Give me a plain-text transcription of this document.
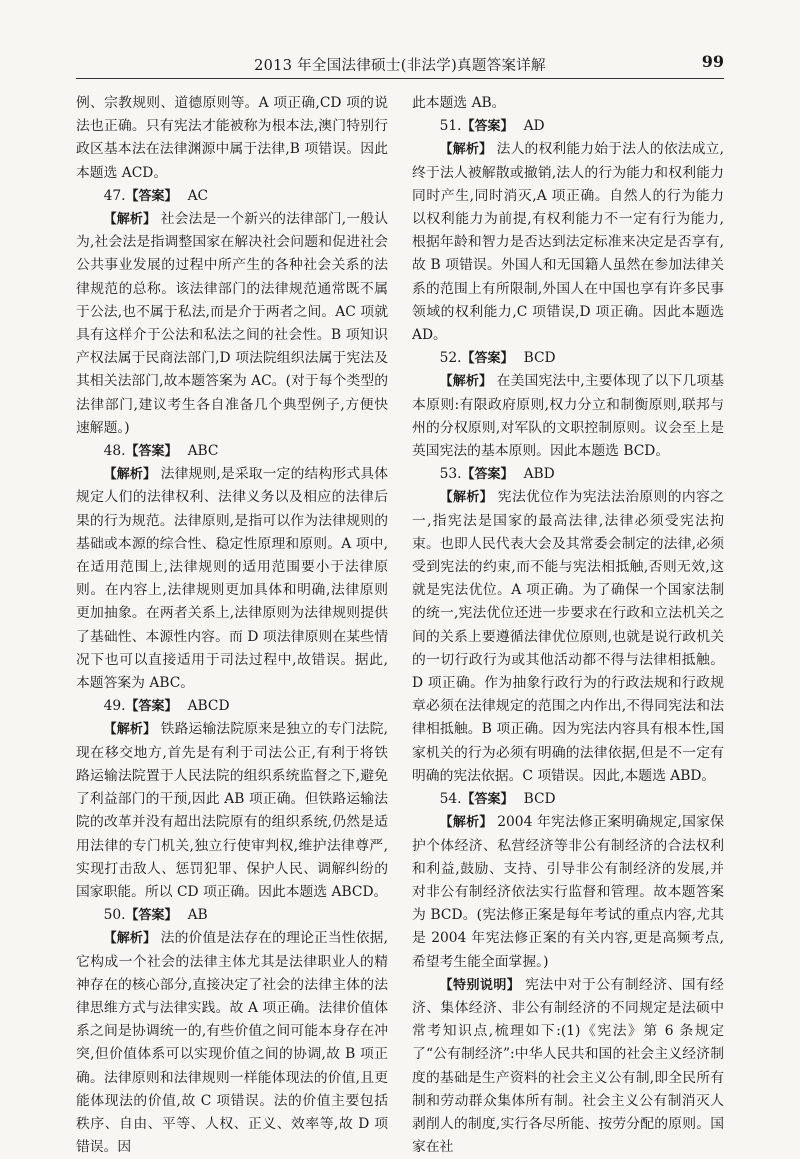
2013 年全国法律硕士(非法学)真题答案详解	99

例、宗教规则、道德原则等。A 项正确,CD 项的说法也正确。只有宪法才能被称为根本法,澳门特别行政区基本法在法律渊源中属于法律,B 项错误。因此本题选 ACD。

47.【答案】 AC

【解析】 社会法是一个新兴的法律部门,一般认为,社会法是指调整国家在解决社会问题和促进社会公共事业发展的过程中所产生的各种社会关系的法律规范的总称。该法律部门的法律规范通常既不属于公法,也不属于私法,而是介于两者之间。AC 项就具有这样介于公法和私法之间的社会性。B 项知识产权法属于民商法部门,D 项法院组织法属于宪法及其相关法部门,故本题答案为 AC。(对于每个类型的法律部门,建议考生各自准备几个典型例子,方便快速解题。)

48.【答案】 ABC

【解析】 法律规则,是采取一定的结构形式具体规定人们的法律权利、法律义务以及相应的法律后果的行为规范。法律原则,是指可以作为法律规则的基础或本源的综合性、稳定性原理和原则。A 项中,在适用范围上,法律规则的适用范围要小于法律原则。在内容上,法律规则更加具体和明确,法律原则更加抽象。在两者关系上,法律原则为法律规则提供了基础性、本源性内容。而 D 项法律原则在某些情况下也可以直接适用于司法过程中,故错误。据此,本题答案为 ABC。

49.【答案】 ABCD

【解析】 铁路运输法院原来是独立的专门法院,现在移交地方,首先是有利于司法公正,有利于将铁路运输法院置于人民法院的组织系统监督之下,避免了利益部门的干预,因此 AB 项正确。但铁路运输法院的改革并没有超出法院原有的组织系统,仍然是适用法律的专门机关,独立行使审判权,维护法律尊严,实现打击敌人、惩罚犯罪、保护人民、调解纠纷的国家职能。所以 CD 项正确。因此本题选 ABCD。

50.【答案】 AB

【解析】 法的价值是法存在的理论正当性依据,它构成一个社会的法律主体尤其是法律职业人的精神存在的核心部分,直接决定了社会的法律主体的法律思维方式与法律实践。故 A 项正确。法律价值体系之间是协调统一的,有些价值之间可能本身存在冲突,但价值体系可以实现价值之间的协调,故 B 项正确。法律原则和法律规则一样能体现法的价值,且更能体现法的价值,故 C 项错误。法的价值主要包括秩序、自由、平等、人权、正义、效率等,故 D 项错误。因

此本题选 AB。

51.【答案】 AD

【解析】 法人的权利能力始于法人的依法成立,终于法人被解散或撤销,法人的行为能力和权利能力同时产生,同时消灭,A 项正确。自然人的行为能力以权利能力为前提,有权利能力不一定有行为能力,根据年龄和智力是否达到法定标准来决定是否享有,故 B 项错误。外国人和无国籍人虽然在参加法律关系的范围上有所限制,外国人在中国也享有许多民事领域的权利能力,C 项错误,D 项正确。因此本题选 AD。

52.【答案】 BCD

【解析】 在美国宪法中,主要体现了以下几项基本原则:有限政府原则,权力分立和制衡原则,联邦与州的分权原则,对军队的文职控制原则。议会至上是英国宪法的基本原则。因此本题选 BCD。

53.【答案】 ABD

【解析】 宪法优位作为宪法法治原则的内容之一,指宪法是国家的最高法律,法律必须受宪法拘束。也即人民代表大会及其常委会制定的法律,必须受到宪法的约束,而不能与宪法相抵触,否则无效,这就是宪法优位。A 项正确。为了确保一个国家法制的统一,宪法优位还进一步要求在行政和立法机关之间的关系上要遵循法律优位原则,也就是说行政机关的一切行政行为或其他活动都不得与法律相抵触。D 项正确。作为抽象行政行为的行政法规和行政规章必须在法律规定的范围之内作出,不得同宪法和法律相抵触。B 项正确。因为宪法内容具有根本性,国家机关的行为必须有明确的法律依据,但是不一定有明确的宪法依据。C 项错误。因此,本题选 ABD。

54.【答案】 BCD

【解析】 2004 年宪法修正案明确规定,国家保护个体经济、私营经济等非公有制经济的合法权利和利益,鼓励、支持、引导非公有制经济的发展,并对非公有制经济依法实行监督和管理。故本题答案为 BCD。(宪法修正案是每年考试的重点内容,尤其是 2004 年宪法修正案的有关内容,更是高频考点,希望考生能全面掌握。)

【特别说明】 宪法中对于公有制经济、国有经济、集体经济、非公有制经济的不同规定是法硕中常考知识点,梳理如下:(1)《宪法》第 6 条规定了“公有制经济”:中华人民共和国的社会主义经济制度的基础是生产资料的社会主义公有制,即全民所有制和劳动群众集体所有制。社会主义公有制消灭人剥削人的制度,实行各尽所能、按劳分配的原则。国家在社
